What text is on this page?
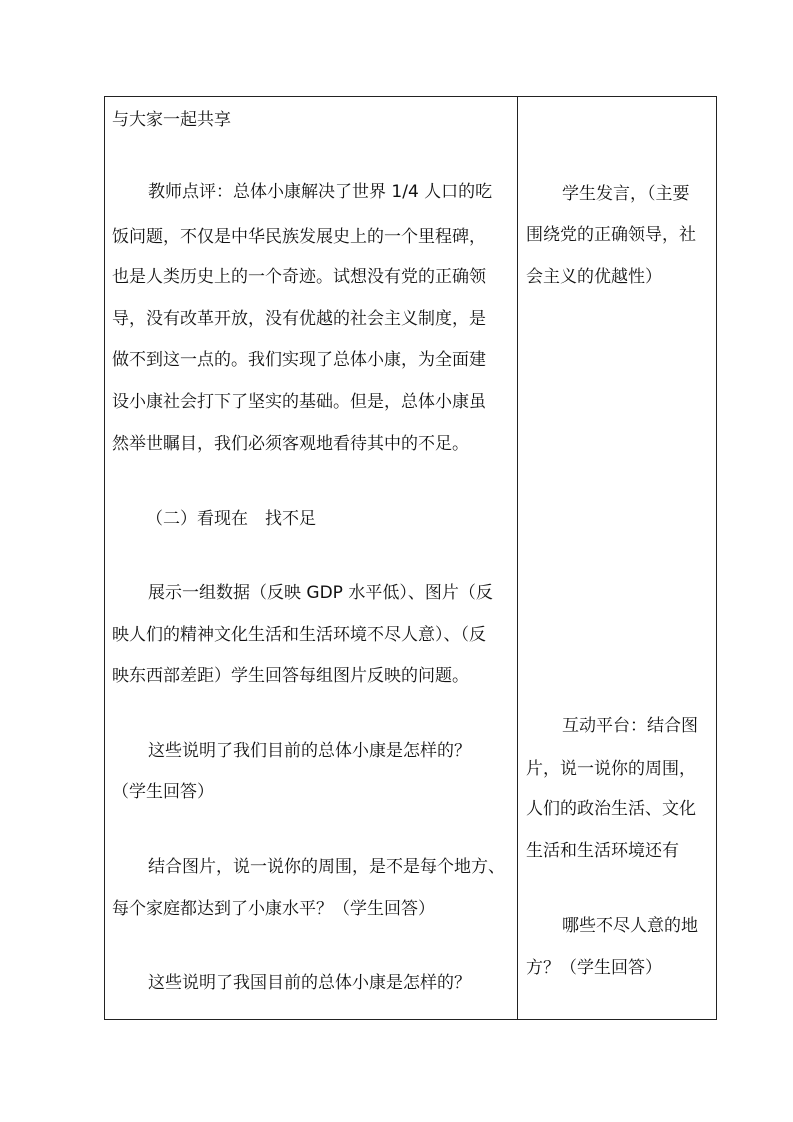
与大家一起共享
教师点评：总体小康解决了世界 1/4 人口的吃
饭问题，不仅是中华民族发展史上的一个里程碑，
也是人类历史上的一个奇迹。试想没有党的正确领
导，没有改革开放，没有优越的社会主义制度，是
做不到这一点的。我们实现了总体小康，为全面建
设小康社会打下了坚实的基础。但是，总体小康虽
然举世瞩目，我们必须客观地看待其中的不足。
（二）看现在　找不足
展示一组数据（反映 GDP 水平低）、图片（反
映人们的精神文化生活和生活环境不尽人意）、（反
映东西部差距）学生回答每组图片反映的问题。
这些说明了我们目前的总体小康是怎样的？
（学生回答）
结合图片，说一说你的周围，是不是每个地方、
每个家庭都达到了小康水平？（学生回答）
这些说明了我国目前的总体小康是怎样的？
学生发言，（主要
围绕党的正确领导，社
会主义的优越性）
互动平台：结合图
片，说一说你的周围，
人们的政治生活、文化
生活和生活环境还有
哪些不尽人意的地
方？（学生回答）
